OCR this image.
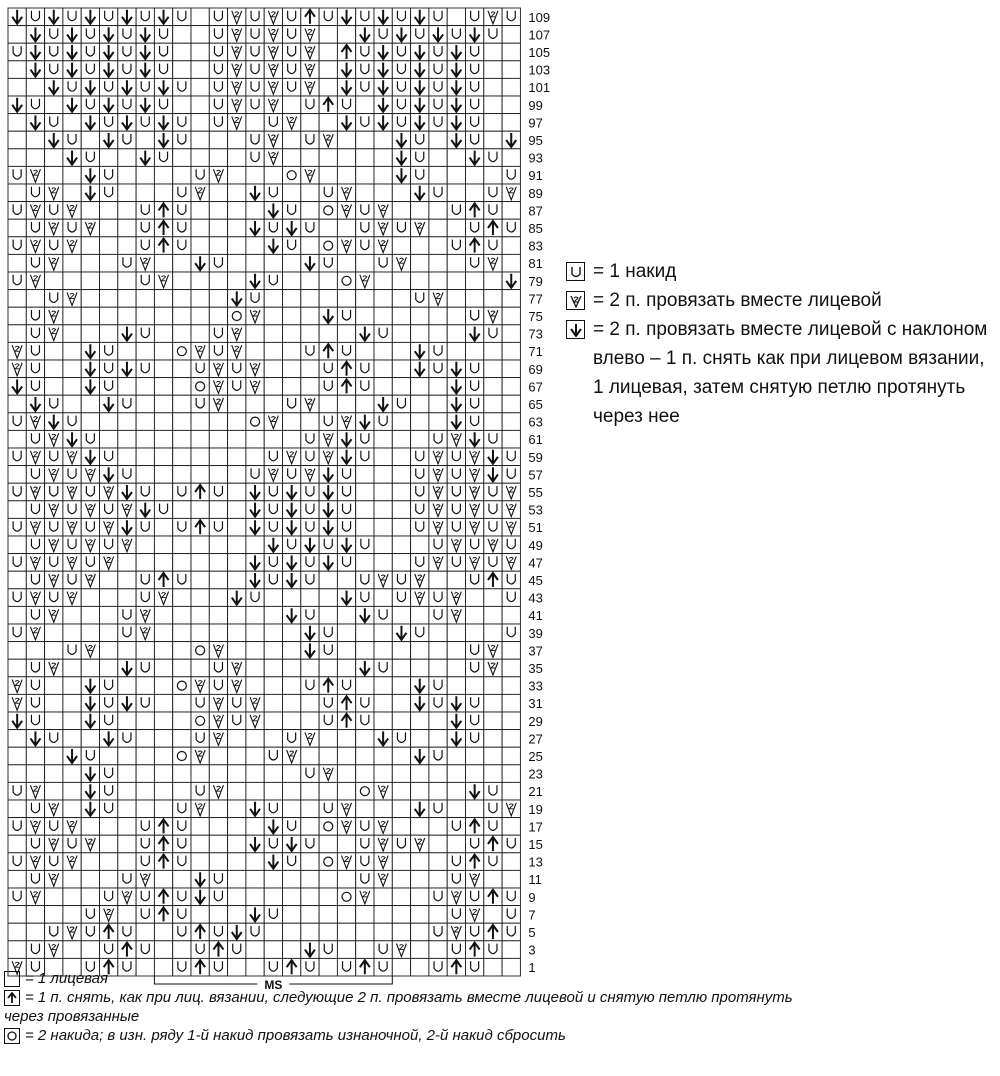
109
107
105
103
101
99
97
95
93
91
89
87
85
83
81
79
77
75
73
71
69
67
65
63
61
59
57
55
53
51
49
47
45
43
41
39
37
35
33
31
29
27
25
23
21
19
17
15
13
11
9
7
5
3
1
MS
= 1 накид
= 2 п. провязать вместе лицевой
= 2 п. провязать вместе лицевой с наклоном влево – 1 п. снять как при лицевом вязании, 1 лицевая, затем снятую петлю протянуть через нее
= 1 лицевая
= 1 п. снять, как при лиц. вязании, следующие 2 п. провязать вместе лицевой и снятую петлю протянуть
через провязанные
= 2 накида; в изн. ряду 1-й накид провязать изнаночной, 2-й накид сбросить
